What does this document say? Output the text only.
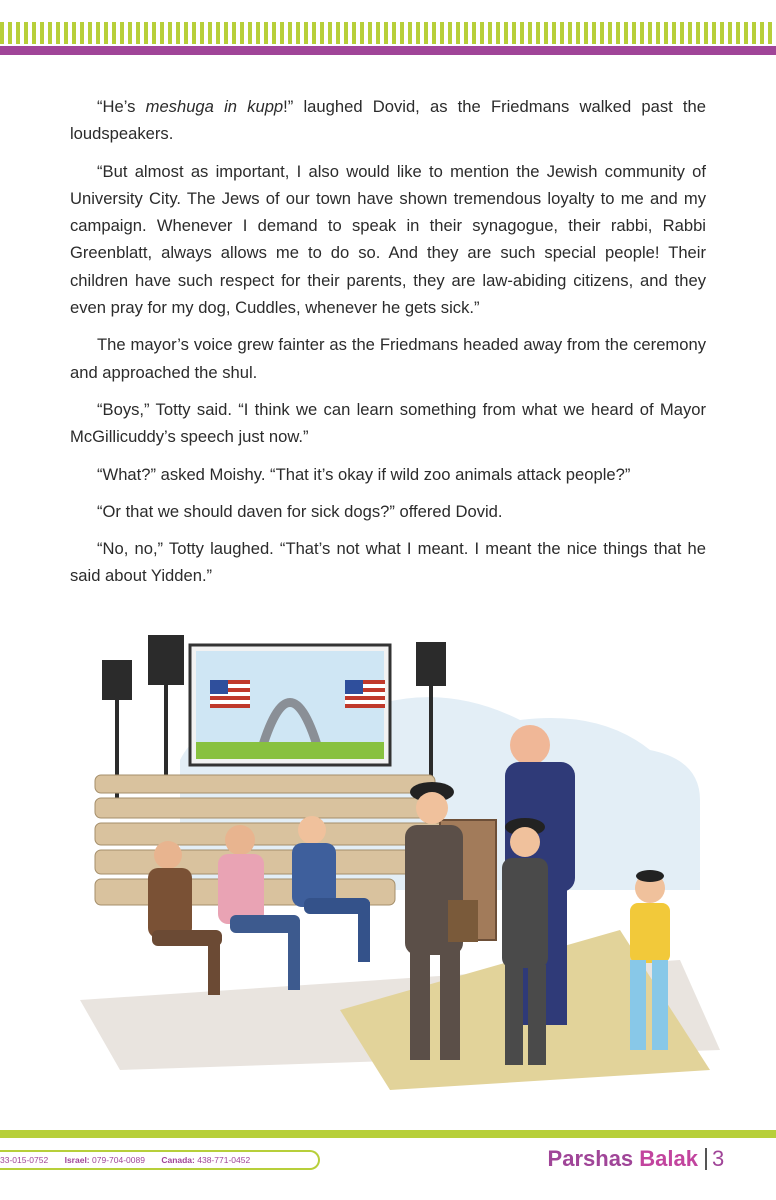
“He’s meshuga in kupp!” laughed Dovid, as the Friedmans walked past the loudspeakers.

“But almost as important, I also would like to mention the Jewish community of University City. The Jews of our town have shown tremendous loyalty to me and my campaign. Whenever I demand to speak in their synagogue, their rabbi, Rabbi Greenblatt, always allows me to do so. And they are such special people! Their children have such respect for their parents, they are law-abiding citizens, and they even pray for my dog, Cuddles, whenever he gets sick.”

The mayor’s voice grew fainter as the Friedmans headed away from the ceremony and approached the shul.

“Boys,” Totty said. “I think we can learn something from what we heard of Mayor McGillicuddy’s speech just now.”

“What?” asked Moishy. “That it’s okay if wild zoo animals attack people?”

“Or that we should daven for sick dogs?” offered Dovid.

“No, no,” Totty laughed. “That’s not what I meant. I meant the nice things that he said about Yidden.”

33-015-0752 Israel: 079-704-0089 Canada: 438-771-0452	Parshas Balak 3
